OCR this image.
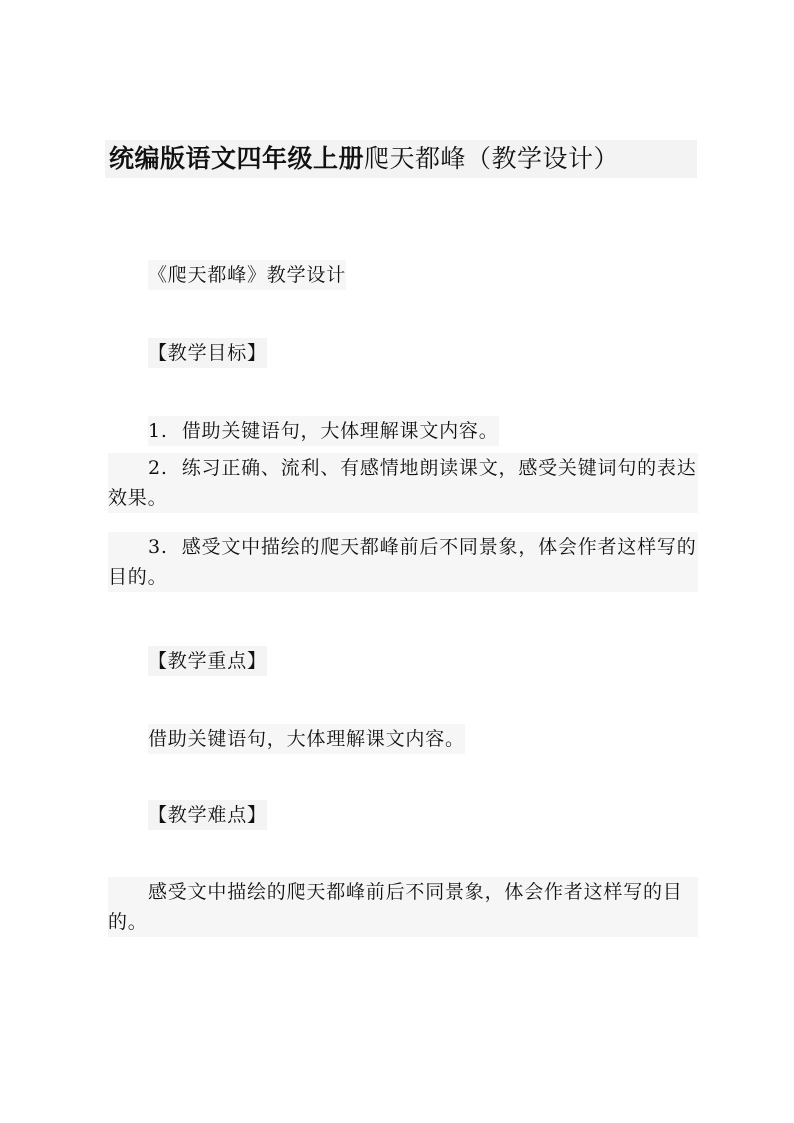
统编版语文四年级上册爬天都峰（教学设计）
《爬天都峰》教学设计
【教学目标】
1. 借助关键语句，大体理解课文内容。
2. 练习正确、流利、有感情地朗读课文，感受关键词句的表达效果。
3. 感受文中描绘的爬天都峰前后不同景象，体会作者这样写的目的。
【教学重点】
借助关键语句，大体理解课文内容。
【教学难点】
感受文中描绘的爬天都峰前后不同景象，体会作者这样写的目的。
